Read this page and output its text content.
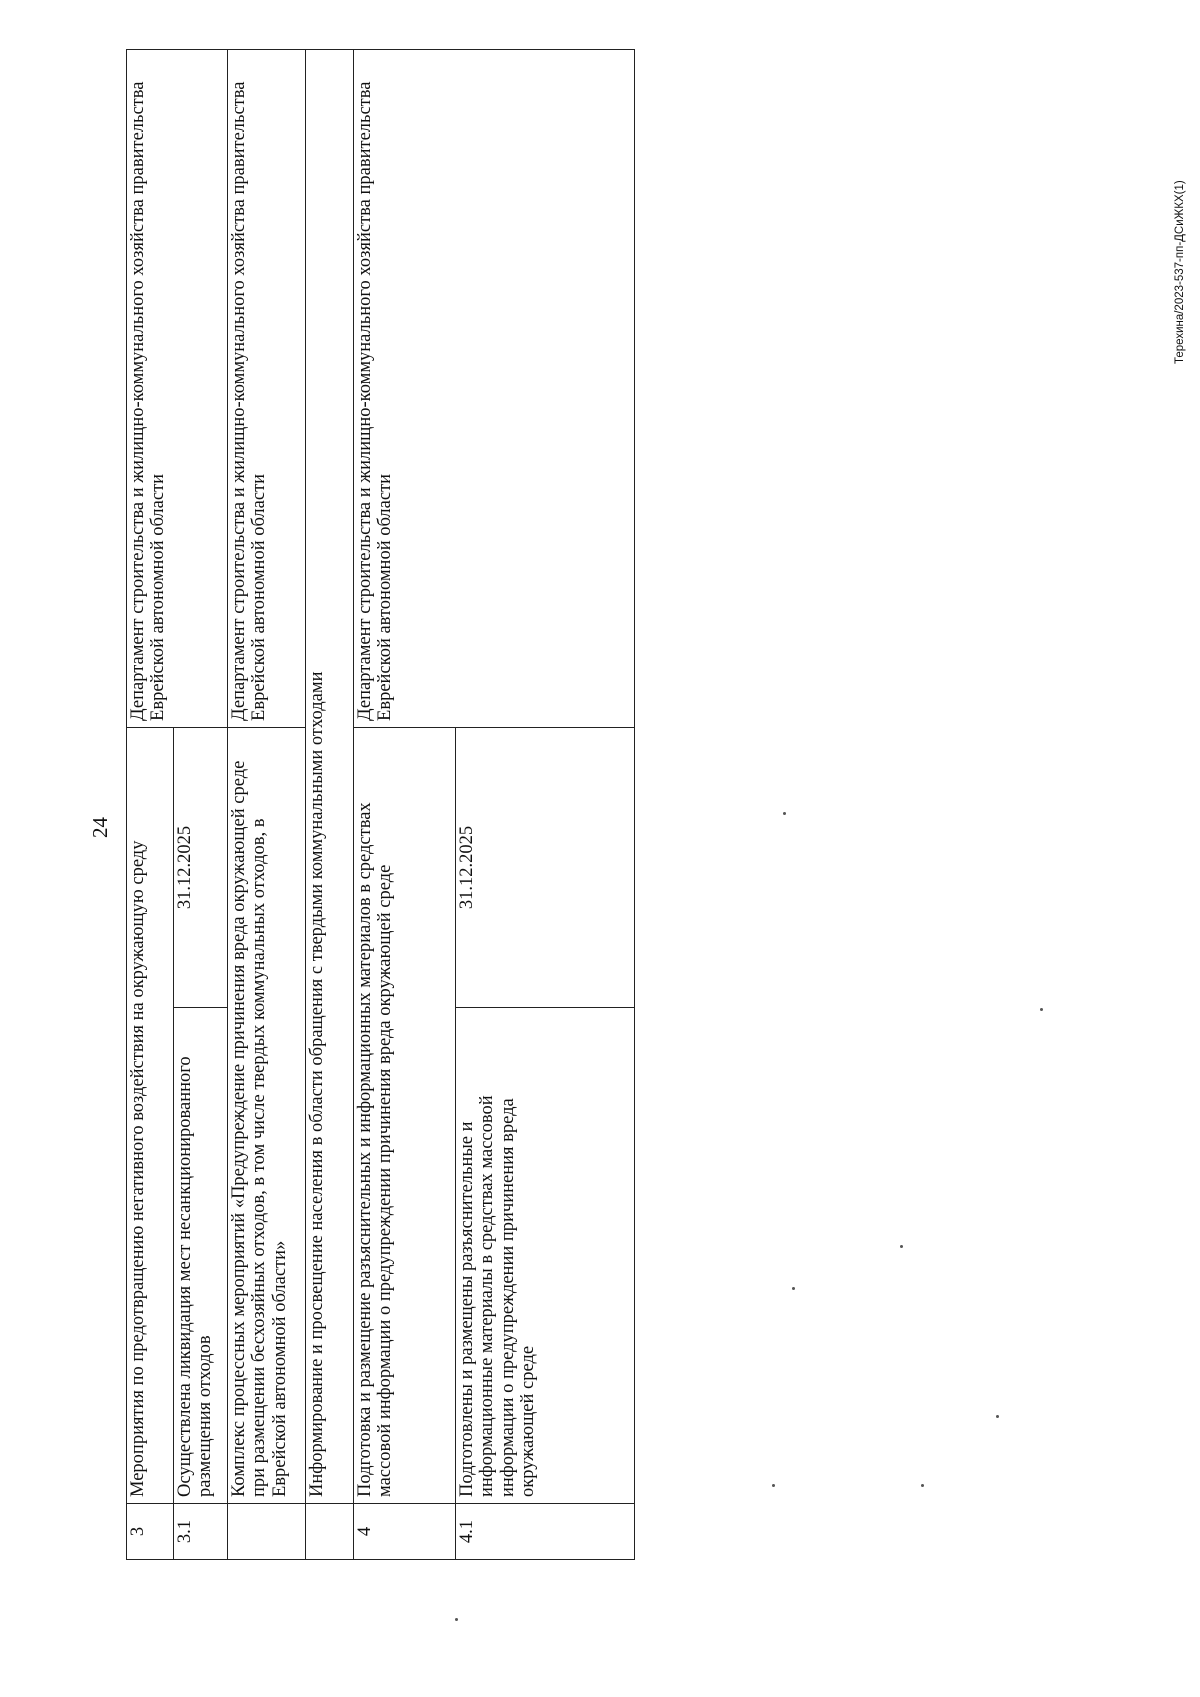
24
3	Мероприятия по предотвращению негативного воздействия на окружающую среду		Департамент строительства и жилищно-коммунального хозяйства правительства Еврейской автономной области
3.1	Осуществлена ликвидация мест несанкционированного размещения отходов	31.12.2025	
	Комплекс процессных мероприятий «Предупреждение причинения вреда окружающей среде при размещении бесхозяйных отходов, в том числе твердых коммунальных отходов, в Еврейской автономной области»		Департамент строительства и жилищно-коммунального хозяйства правительства Еврейской автономной области
	Информирование и просвещение населения в области обращения с твердыми коммунальными отходами		
4	Подготовка и размещение разъяснительных и информационных материалов в средствах массовой информации о предупреждении причинения вреда окружающей среде		Департамент строительства и жилищно-коммунального хозяйства правительства Еврейской автономной области
4.1	Подготовлены и размещены разъяснительные и информационные материалы в средствах массовой информации о предупреждении причинения вреда окружающей среде	31.12.2025	
Терехина/2023-537-пп-ДСиЖКХ(1)
